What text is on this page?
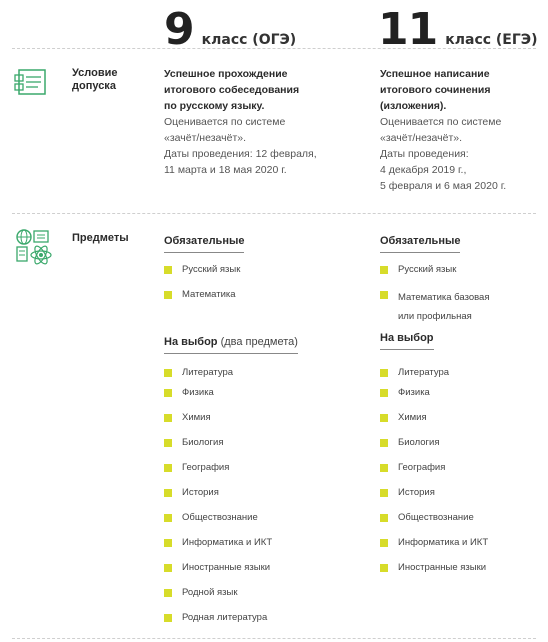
9 класс (ОГЭ) 11 класс (ЕГЭ)
Условие
допуска
Успешное прохождение
итогового собеседования
по русскому языку.
Оценивается по системе
«зачёт/незачёт».
Даты проведения: 12 февраля,
11 марта и 18 мая 2020 г.
Успешное написание
итогового сочинения
(изложения).
Оценивается по системе
«зачёт/незачёт».
Даты проведения:
4 декабря 2019 г.,
5 февраля и 6 мая 2020 г.
Предметы	Обязательные
Русский язык
Математика
На выбор (два предмета)
Литература
Физика
Химия
Биология
География
История
Обществознание
Информатика и ИКТ
Иностранные языки
Родной язык
Родная литература
Обязательные
Русский язык
Математика базовая
или профильная
На выбор
Литература
Физика
Химия
Биология
География
История
Обществознание
Информатика и ИКТ
Иностранные языки
